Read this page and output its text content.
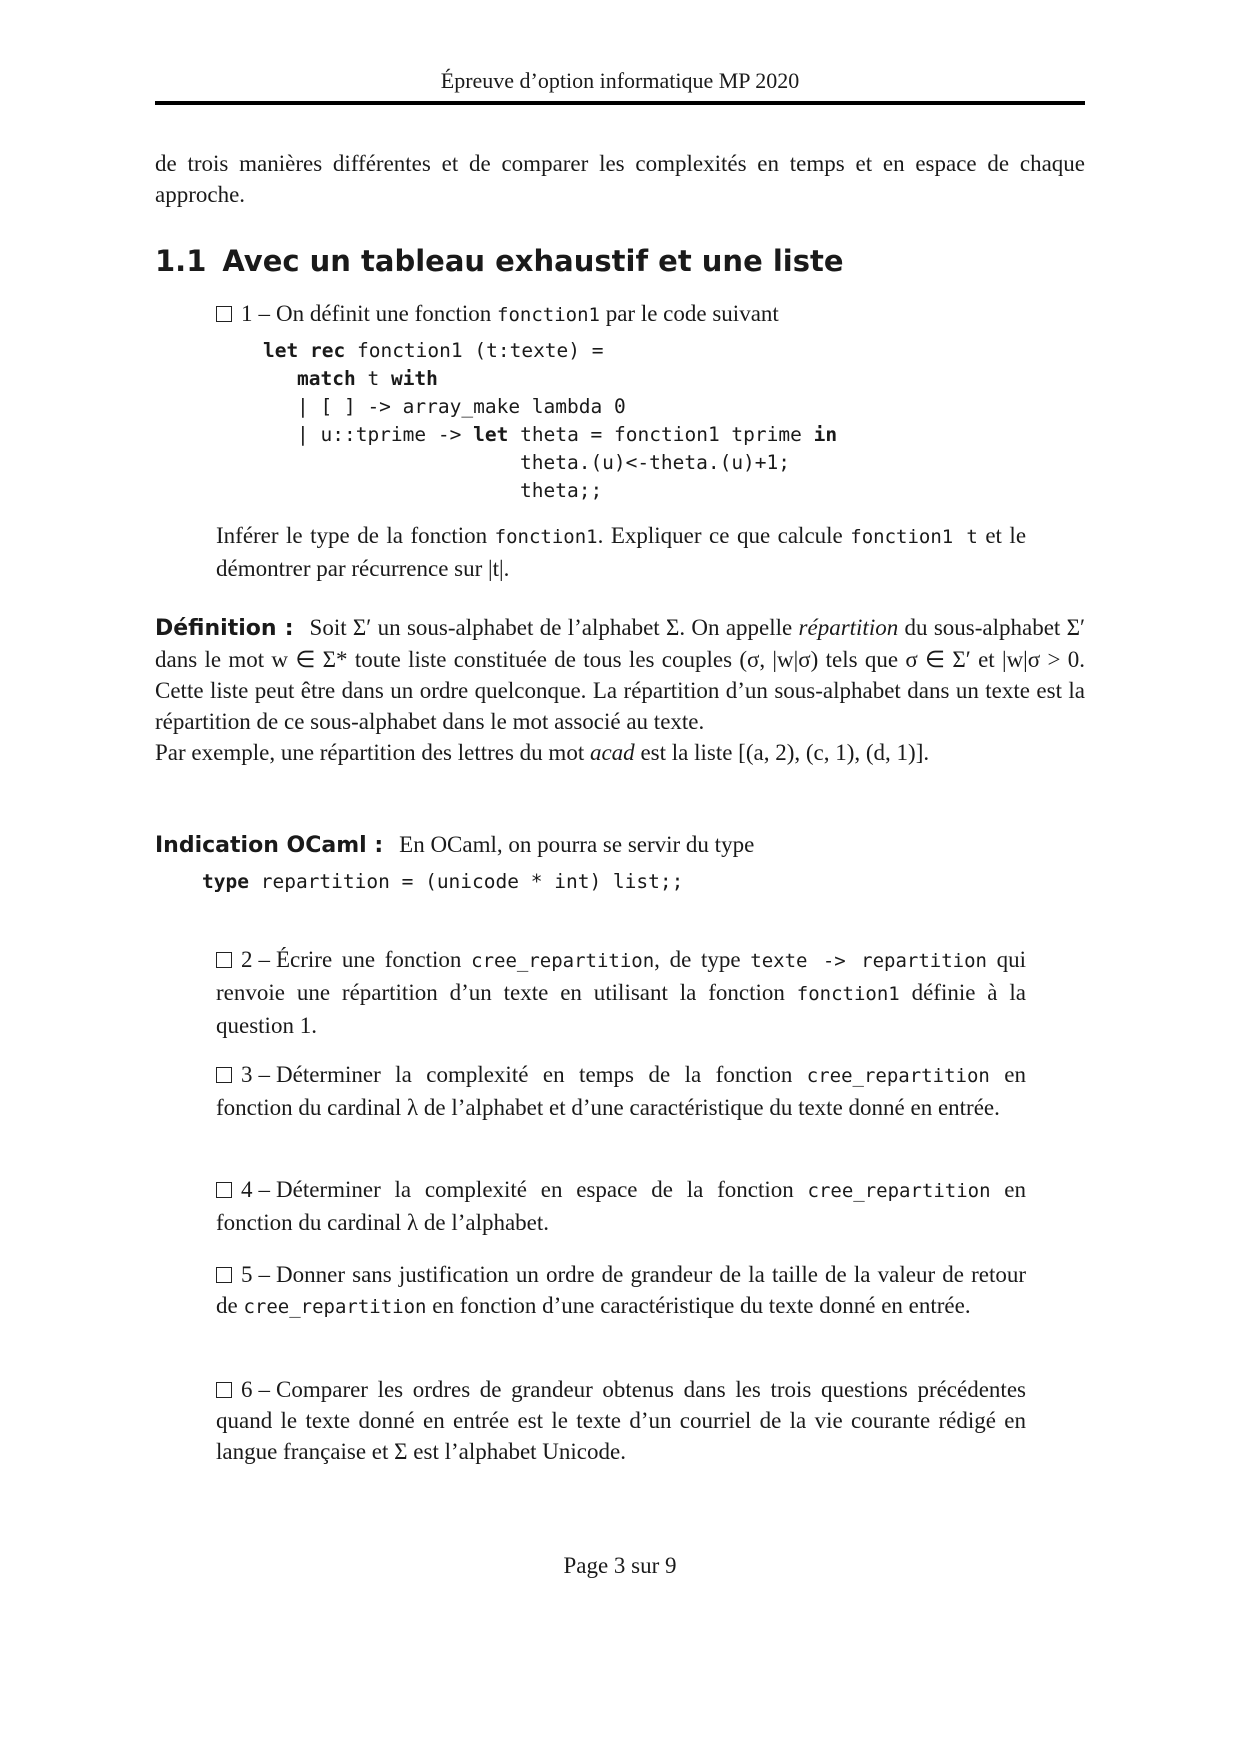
Épreuve d’option informatique MP 2020
de trois manières différentes et de comparer les complexités en temps et en espace de chaque approche.
1.1 Avec un tableau exhaustif et une liste
1 – On définit une fonction fonction1 par le code suivant
let rec fonction1 (t:texte) =
match t with
| [ ] -> array_make lambda 0
| u::tprime -> let theta = fonction1 tprime in
theta.(u)<-theta.(u)+1;
theta;;
Inférer le type de la fonction fonction1. Expliquer ce que calcule fonction1 t et le démontrer par récurrence sur |t|.
Définition : Soit Σ′ un sous-alphabet de l’alphabet Σ. On appelle répartition du sous-alphabet Σ′ dans le mot w ∈ Σ* toute liste constituée de tous les couples (σ, |w|σ) tels que σ ∈ Σ′ et |w|σ > 0. Cette liste peut être dans un ordre quelconque. La répartition d’un sous-alphabet dans un texte est la répartition de ce sous-alphabet dans le mot associé au texte.
Par exemple, une répartition des lettres du mot acad est la liste [(a, 2), (c, 1), (d, 1)].
Indication OCaml : En OCaml, on pourra se servir du type
type repartition = (unicode * int) list;;
2 – Écrire une fonction cree_repartition, de type texte -> repartition qui renvoie une répartition d’un texte en utilisant la fonction fonction1 définie à la question 1.
3 – Déterminer la complexité en temps de la fonction cree_repartition en fonction du cardinal λ de l’alphabet et d’une caractéristique du texte donné en entrée.
4 – Déterminer la complexité en espace de la fonction cree_repartition en fonction du cardinal λ de l’alphabet.
5 – Donner sans justification un ordre de grandeur de la taille de la valeur de retour de cree_repartition en fonction d’une caractéristique du texte donné en entrée.
6 – Comparer les ordres de grandeur obtenus dans les trois questions précédentes quand le texte donné en entrée est le texte d’un courriel de la vie courante rédigé en langue française et Σ est l’alphabet Unicode.
Page 3 sur 9
